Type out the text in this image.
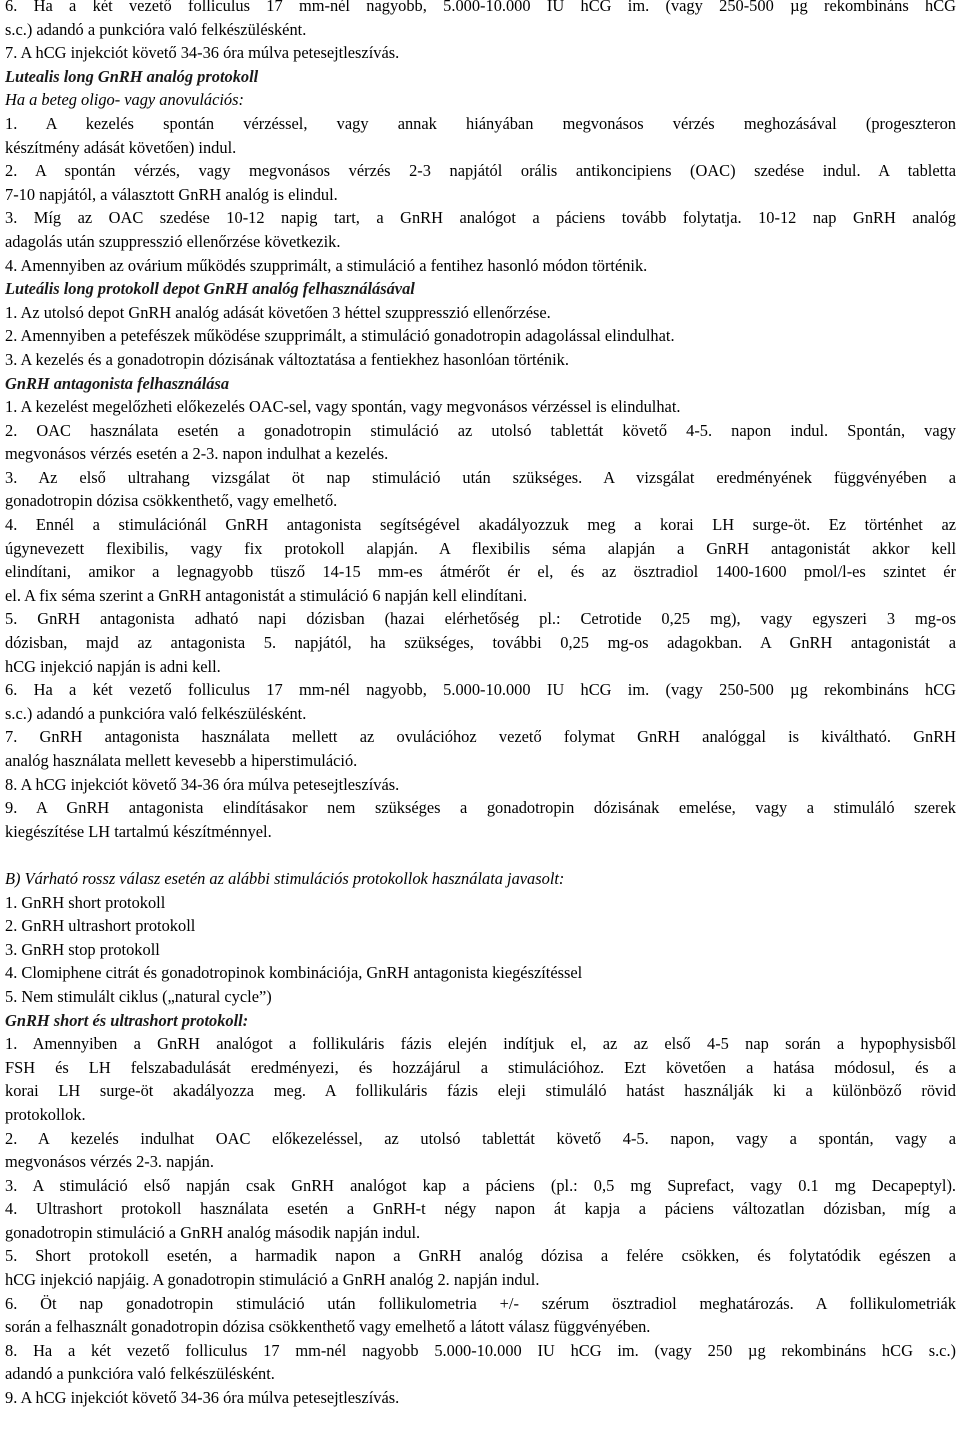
6. Ha a két vezető folliculus 17 mm-nél nagyobb, 5.000-10.000 IU hCG im. (vagy 250-500 µg rekombináns hCG
s.c.) adandó a punkcióra való felkészülésként.
7. A hCG injekciót követő 34-36 óra múlva petesejtleszívás.
Lutealis long GnRH analóg protokoll
Ha a beteg oligo- vagy anovulációs:
1. A kezelés spontán vérzéssel, vagy annak hiányában megvonásos vérzés meghozásával (progeszteron
készítmény adását követően) indul.
2. A spontán vérzés, vagy megvonásos vérzés 2-3 napjától orális antikoncipiens (OAC) szedése indul. A tabletta
7-10 napjától, a választott GnRH analóg is elindul.
3. Míg az OAC szedése 10-12 napig tart, a GnRH analógot a páciens tovább folytatja. 10-12 nap GnRH analóg
adagolás után szuppresszió ellenőrzése következik.
4. Amennyiben az ovárium működés szupprimált, a stimuláció a fentihez hasonló módon történik.
Luteális long protokoll depot GnRH analóg felhasználásával
1. Az utolsó depot GnRH analóg adását követően 3 héttel szuppresszió ellenőrzése.
2. Amennyiben a petefészek működése szupprimált, a stimuláció gonadotropin adagolással elindulhat.
3. A kezelés és a gonadotropin dózisának változtatása a fentiekhez hasonlóan történik.
GnRH antagonista felhasználása
1. A kezelést megelőzheti előkezelés OAC-sel, vagy spontán, vagy megvonásos vérzéssel is elindulhat.
2. OAC használata esetén a gonadotropin stimuláció az utolsó tablettát követő 4-5. napon indul. Spontán, vagy
megvonásos vérzés esetén a 2-3. napon indulhat a kezelés.
3. Az első ultrahang vizsgálat öt nap stimuláció után szükséges. A vizsgálat eredményének függvényében a
gonadotropin dózisa csökkenthető, vagy emelhető.
4. Ennél a stimulációnál GnRH antagonista segítségével akadályozzuk meg a korai LH surge-öt. Ez történhet az
úgynevezett flexibilis, vagy fix protokoll alapján. A flexibilis séma alapján a GnRH antagonistát akkor kell
elindítani, amikor a legnagyobb tüsző 14-15 mm-es átmérőt ér el, és az ösztradiol 1400-1600 pmol/l-es szintet ér
el. A fix séma szerint a GnRH antagonistát a stimuláció 6 napján kell elindítani.
5. GnRH antagonista adható napi dózisban (hazai elérhetőség pl.: Cetrotide 0,25 mg), vagy egyszeri 3 mg-os
dózisban, majd az antagonista 5. napjától, ha szükséges, további 0,25 mg-os adagokban. A GnRH antagonistát a
hCG injekció napján is adni kell.
6. Ha a két vezető folliculus 17 mm-nél nagyobb, 5.000-10.000 IU hCG im. (vagy 250-500 µg rekombináns hCG
s.c.) adandó a punkcióra való felkészülésként.
7. GnRH antagonista használata mellett az ovulációhoz vezető folymat GnRH analóggal is kiváltható. GnRH
analóg használata mellett kevesebb a hiperstimuláció.
8. A hCG injekciót követő 34-36 óra múlva petesejtleszívás.
9. A GnRH antagonista elindításakor nem szükséges a gonadotropin dózisának emelése, vagy a stimuláló szerek
kiegészítése LH tartalmú készítménnyel.
B) Várható rossz válasz esetén az alábbi stimulációs protokollok használata javasolt:
1. GnRH short protokoll
2. GnRH ultrashort protokoll
3. GnRH stop protokoll
4. Clomiphene citrát és gonadotropinok kombinációja, GnRH antagonista kiegészítéssel
5. Nem stimulált ciklus („natural cycle”)
GnRH short és ultrashort protokoll:
1. Amennyiben a GnRH analógot a follikuláris fázis elején indítjuk el, az az első 4-5 nap során a hypophysisből
FSH és LH felszabadulását eredményezi, és hozzájárul a stimulációhoz. Ezt követően a hatása módosul, és a
korai LH surge-öt akadályozza meg. A follikuláris fázis eleji stimuláló hatást használják ki a különböző rövid
protokollok.
2. A kezelés indulhat OAC előkezeléssel, az utolsó tablettát követő 4-5. napon, vagy a spontán, vagy a
megvonásos vérzés 2-3. napján.
3. A stimuláció első napján csak GnRH analógot kap a páciens (pl.: 0,5 mg Suprefact, vagy 0.1 mg Decapeptyl).
4. Ultrashort protokoll használata esetén a GnRH-t négy napon át kapja a páciens változatlan dózisban, míg a
gonadotropin stimuláció a GnRH analóg második napján indul.
5. Short protokoll esetén, a harmadik napon a GnRH analóg dózisa a felére csökken, és folytatódik egészen a
hCG injekció napjáig. A gonadotropin stimuláció a GnRH analóg 2. napján indul.
6. Öt nap gonadotropin stimuláció után follikulometria +/- szérum ösztradiol meghatározás. A follikulometriák
során a felhasznált gonadotropin dózisa csökkenthető vagy emelhető a látott válasz függvényében.
8. Ha a két vezető folliculus 17 mm-nél nagyobb 5.000-10.000 IU hCG im. (vagy 250 µg rekombináns hCG s.c.)
adandó a punkcióra való felkészülésként.
9. A hCG injekciót követő 34-36 óra múlva petesejtleszívás.
